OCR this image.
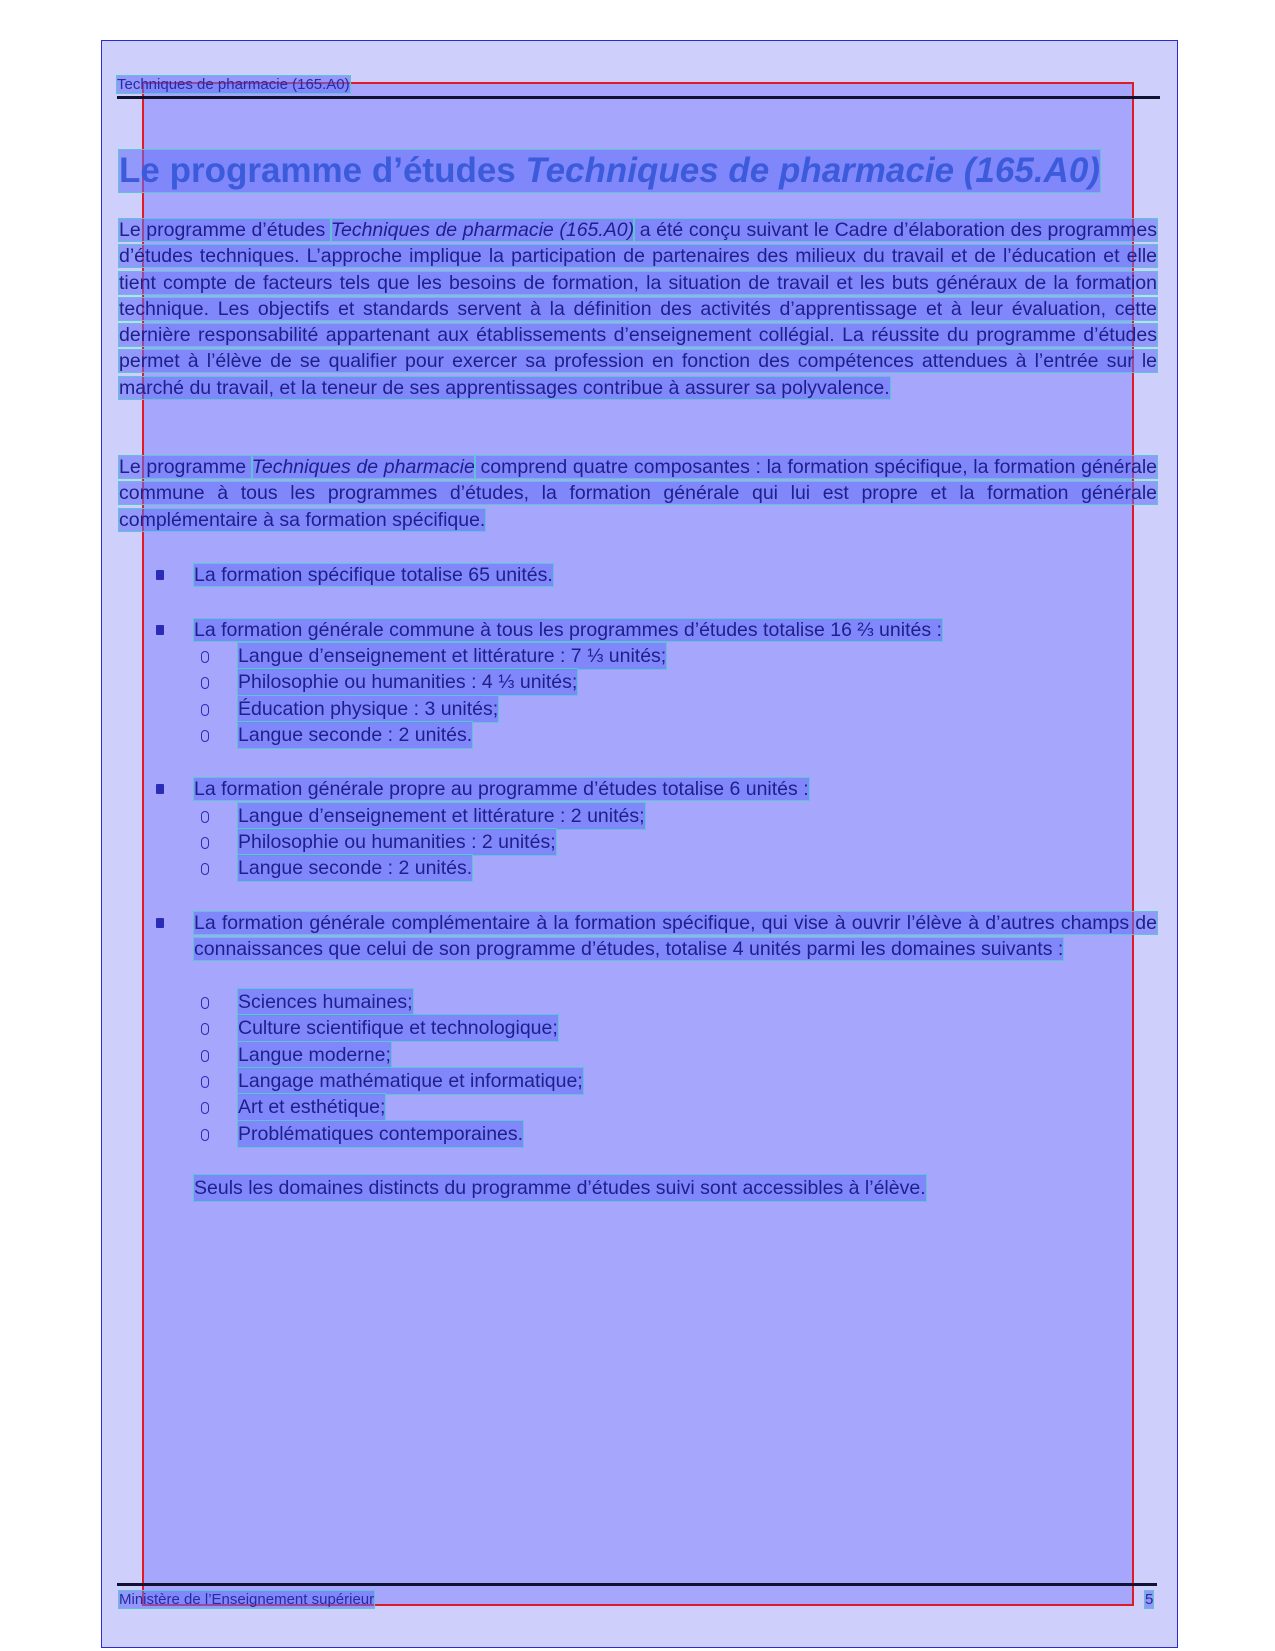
Techniques de pharmacie (165.A0)
Le programme d’études Techniques de pharmacie (165.A0)
Le programme d’études Techniques de pharmacie (165.A0) a été conçu suivant le Cadre d’élaboration des programmes d’études techniques. L’approche implique la participation de partenaires des milieux du travail et de l’éducation et elle tient compte de facteurs tels que les besoins de formation, la situation de travail et les buts généraux de la formation technique. Les objectifs et standards servent à la définition des activités d’apprentissage et à leur évaluation, cette dernière responsabilité appartenant aux établissements d’enseignement collégial. La réussite du programme d’études permet à l’élève de se qualifier pour exercer sa profession en fonction des compétences attendues à l’entrée sur le marché du travail, et la teneur de ses apprentissages contribue à assurer sa polyvalence.
Le programme Techniques de pharmacie comprend quatre composantes : la formation spécifique, la formation générale commune à tous les programmes d’études, la formation générale qui lui est propre et la formation générale complémentaire à sa formation spécifique.
La formation spécifique totalise 65 unités.
La formation générale commune à tous les programmes d’études totalise 16 ⅔ unités :
Langue d’enseignement et littérature : 7 ⅓ unités;
Philosophie ou humanities : 4 ⅓ unités;
Éducation physique : 3 unités;
Langue seconde : 2 unités.
La formation générale propre au programme d’études totalise 6 unités :
Langue d’enseignement et littérature : 2 unités;
Philosophie ou humanities : 2 unités;
Langue seconde : 2 unités.
La formation générale complémentaire à la formation spécifique, qui vise à ouvrir l’élève à d’autres champs de connaissances que celui de son programme d’études, totalise 4 unités parmi les domaines suivants :
Sciences humaines;
Culture scientifique et technologique;
Langue moderne;
Langage mathématique et informatique;
Art et esthétique;
Problématiques contemporaines.
Seuls les domaines distincts du programme d’études suivi sont accessibles à l’élève.
Ministère de l’Enseignement supérieur	5
